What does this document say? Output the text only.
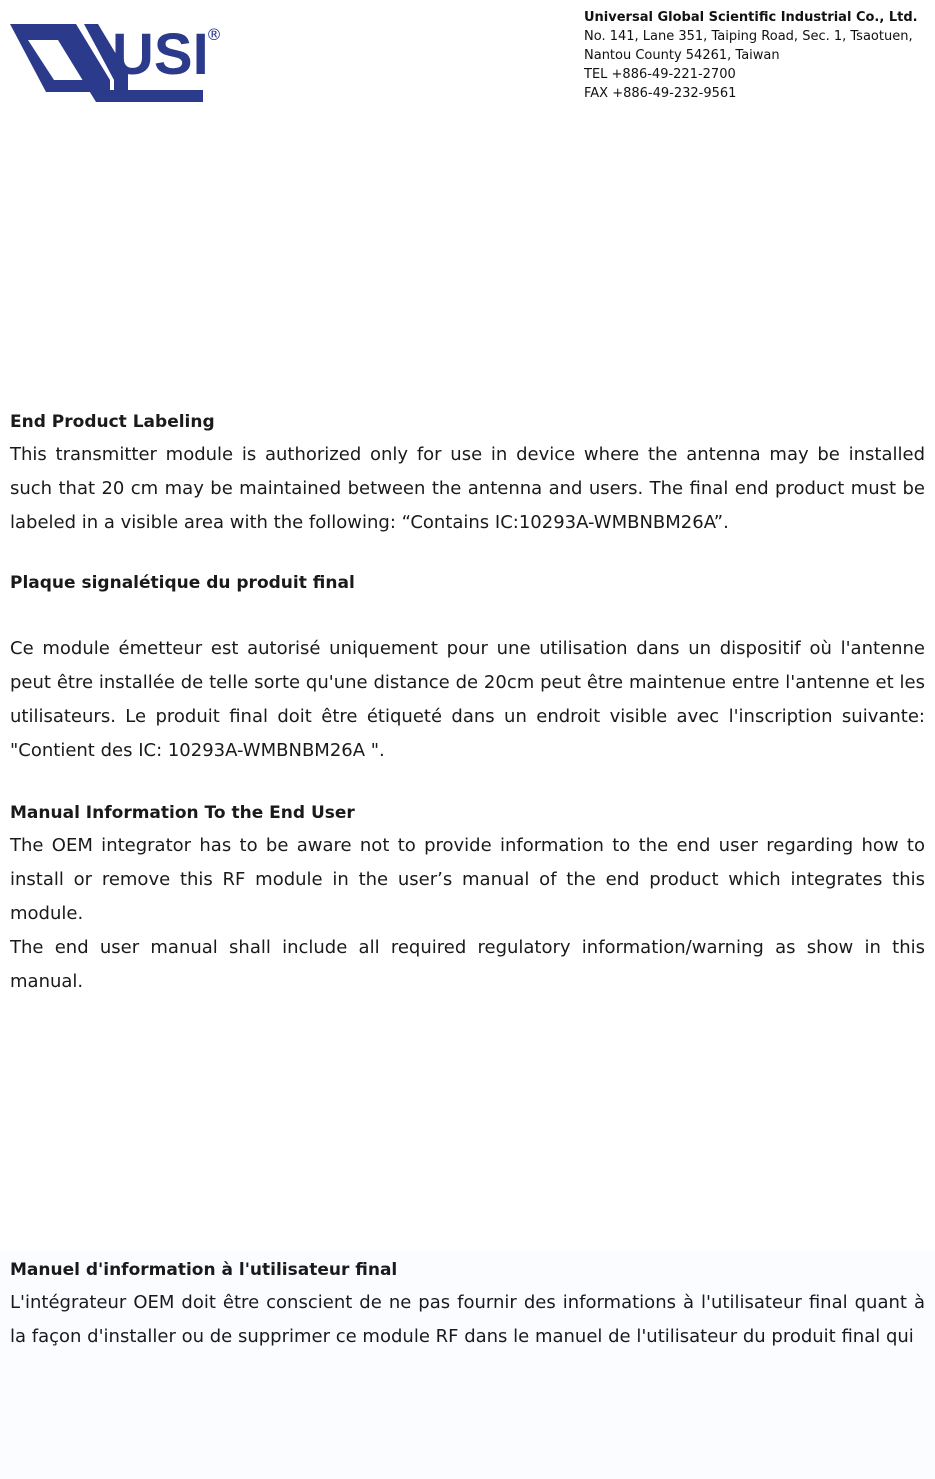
USI
®
Universal Global Scientific Industrial Co., Ltd.
No. 141, Lane 351, Taiping Road, Sec. 1, Tsaotuen,
Nantou County 54261, Taiwan
TEL +886-49-221-2700
FAX +886-49-232-9561

End Product Labeling

This transmitter module is authorized only for use in device where the antenna may be installed such that 20 cm may be maintained between the antenna and users. The final end product must be labeled in a visible area with the following: “Contains IC:10293A-WMBNBM26A”.

Plaque signalétique du produit final

Ce module émetteur est autorisé uniquement pour une utilisation dans un dispositif où l'antenne peut être installée de telle sorte qu'une distance de 20cm peut être maintenue entre l'antenne et les utilisateurs. Le produit final doit être étiqueté dans un endroit visible avec l'inscription suivante: "Contient des IC: 10293A-WMBNBM26A ".

Manual Information To the End User

The OEM integrator has to be aware not to provide information to the end user regarding how to install or remove this RF module in the user’s manual of the end product which integrates this module.

The end user manual shall include all required regulatory information/warning as show in this manual.

Manuel d'information à l'utilisateur final

L'intégrateur OEM doit être conscient de ne pas fournir des informations à l'utilisateur final quant à la façon d'installer ou de supprimer ce module RF dans le manuel de l'utilisateur du produit final qui
